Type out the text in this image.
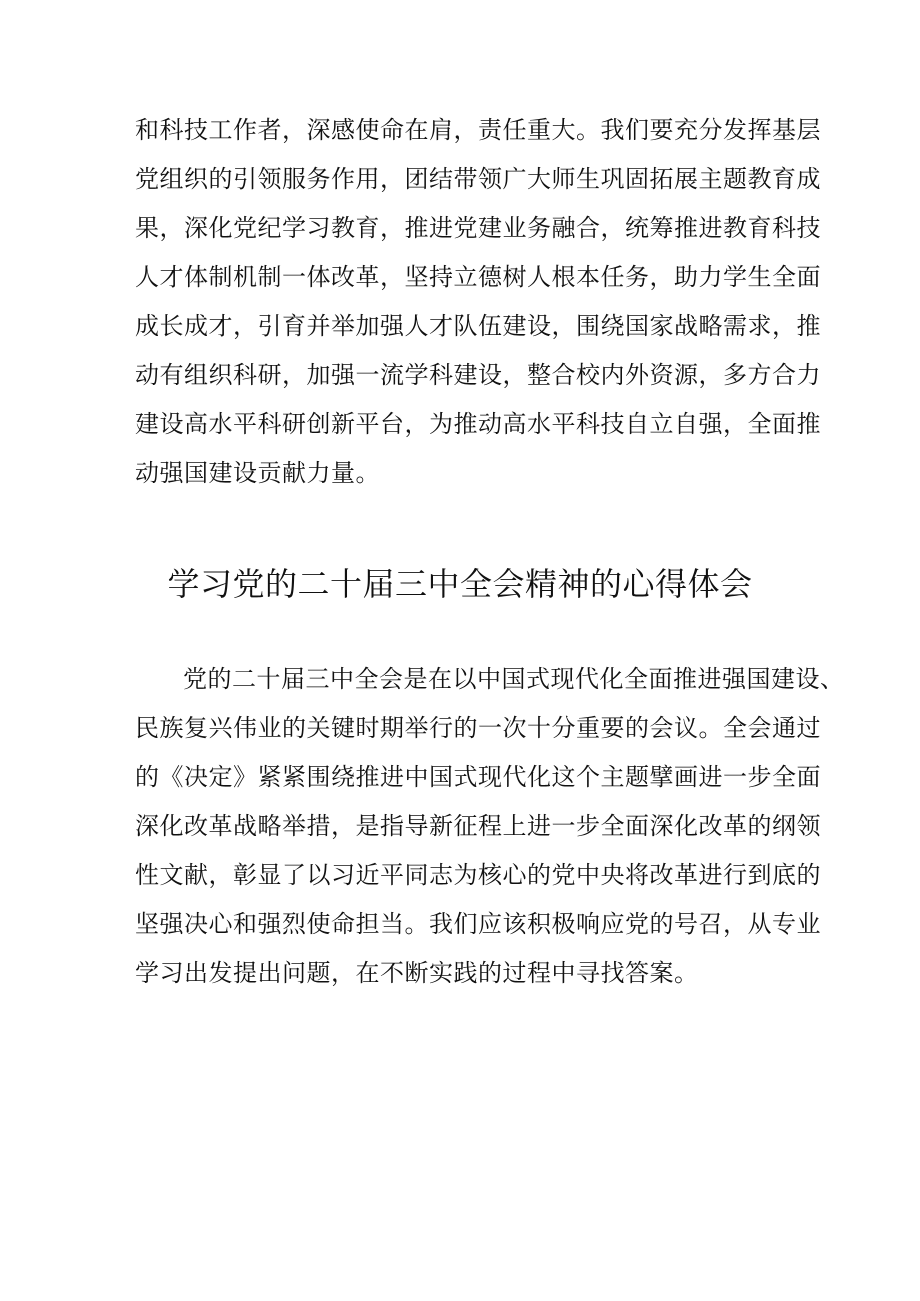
和科技工作者，深感使命在肩，责任重大。我们要充分发挥基层
党组织的引领服务作用，团结带领广大师生巩固拓展主题教育成
果，深化党纪学习教育，推进党建业务融合，统筹推进教育科技
人才体制机制一体改革，坚持立德树人根本任务，助力学生全面
成长成才，引育并举加强人才队伍建设，围绕国家战略需求，推
动有组织科研，加强一流学科建设，整合校内外资源，多方合力
建设高水平科研创新平台，为推动高水平科技自立自强，全面推
动强国建设贡献力量。
学习党的二十届三中全会精神的心得体会
党的二十届三中全会是在以中国式现代化全面推进强国建设、
民族复兴伟业的关键时期举行的一次十分重要的会议。全会通过
的《决定》紧紧围绕推进中国式现代化这个主题擘画进一步全面
深化改革战略举措，是指导新征程上进一步全面深化改革的纲领
性文献，彰显了以习近平同志为核心的党中央将改革进行到底的
坚强决心和强烈使命担当。我们应该积极响应党的号召，从专业
学习出发提出问题，在不断实践的过程中寻找答案。
